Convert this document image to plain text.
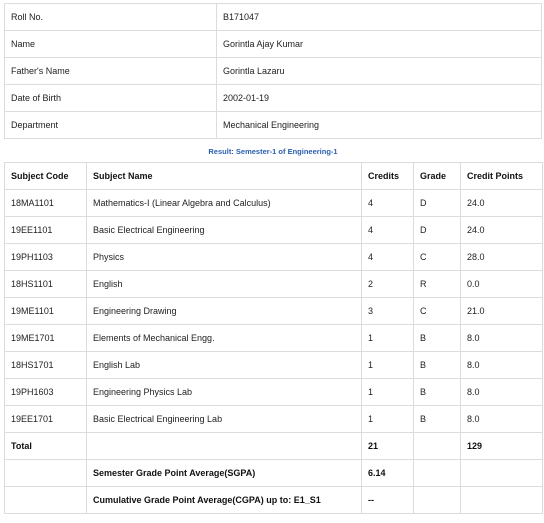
Roll No.	B171047
Name	Gorintla Ajay Kumar
Father's Name	Gorintla Lazaru
Date of Birth	2002-01-19
Department	Mechanical Engineering
Result: Semester-1 of Engineering-1
Subject Code	Subject Name	Credits	Grade	Credit Points
18MA1101	Mathematics-I (Linear Algebra and Calculus)	4	D	24.0
19EE1101	Basic Electrical Engineering	4	D	24.0
19PH1103	Physics	4	C	28.0
18HS1101	English	2	R	0.0
19ME1101	Engineering Drawing	3	C	21.0
19ME1701	Elements of Mechanical Engg.	1	B	8.0
18HS1701	English Lab	1	B	8.0
19PH1603	Engineering Physics Lab	1	B	8.0
19EE1701	Basic Electrical Engineering Lab	1	B	8.0
Total		21		129
	Semester Grade Point Average(SGPA)	6.14		
	Cumulative Grade Point Average(CGPA) up to: E1_S1	--		
